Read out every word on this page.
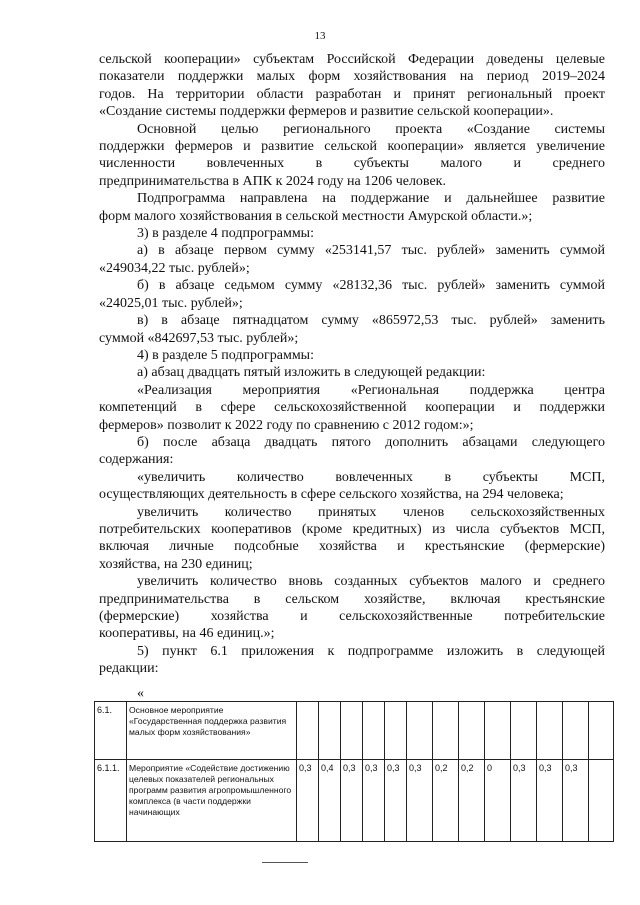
13
сельской кооперации» субъектам Российской Федерации доведены целевые
показатели поддержки малых форм хозяйствования на период 2019–2024
годов. На территории области разработан и принят региональный проект
«Создание системы поддержки фермеров и развитие сельской кооперации».
Основной целью регионального проекта «Создание системы
поддержки фермеров и развитие сельской кооперации» является увеличение
численности вовлеченных в субъекты малого и среднего
предпринимательства в АПК к 2024 году на 1206 человек.
Подпрограмма направлена на поддержание и дальнейшее развитие
форм малого хозяйствования в сельской местности Амурской области.»;
3) в разделе 4 подпрограммы:
а) в абзаце первом сумму «253141,57 тыс. рублей» заменить суммой
«249034,22 тыс. рублей»;
б) в абзаце седьмом сумму «28132,36 тыс. рублей» заменить суммой
«24025,01 тыс. рублей»;
в) в абзаце пятнадцатом сумму «865972,53 тыс. рублей» заменить
суммой «842697,53 тыс. рублей»;
4) в разделе 5 подпрограммы:
а) абзац двадцать пятый изложить в следующей редакции:
«Реализация мероприятия «Региональная поддержка центра
компетенций в сфере сельскохозяйственной кооперации и поддержки
фермеров» позволит к 2022 году по сравнению с 2012 годом:»;
б) после абзаца двадцать пятого дополнить абзацами следующего
содержания:
«увеличить количество вовлеченных в субъекты МСП,
осуществляющих деятельность в сфере сельского хозяйства, на 294 человека;
увеличить количество принятых членов сельскохозяйственных
потребительских кооперативов (кроме кредитных) из числа субъектов МСП,
включая личные подсобные хозяйства и крестьянские (фермерские)
хозяйства, на 230 единиц;
увеличить количество вновь созданных субъектов малого и среднего
предпринимательства в сельском хозяйстве, включая крестьянские
(фермерские) хозяйства и сельскохозяйственные потребительские
кооперативы, на 46 единиц.»;
5) пункт 6.1 приложения к подпрограмме изложить в следующей
редакции:
«
6.1.	Основное мероприятие «Государственная поддержка развития малых форм хозяйствования»													
6.1.1.	Мероприятие «Содействие достижению целевых показателей региональных программ развития агропромышленного комплекса (в части поддержки начинающих	0,3	0,4	0,3	0,3	0,3	0,3	0,2	0,2	0	0,3	0,3	0,3	
